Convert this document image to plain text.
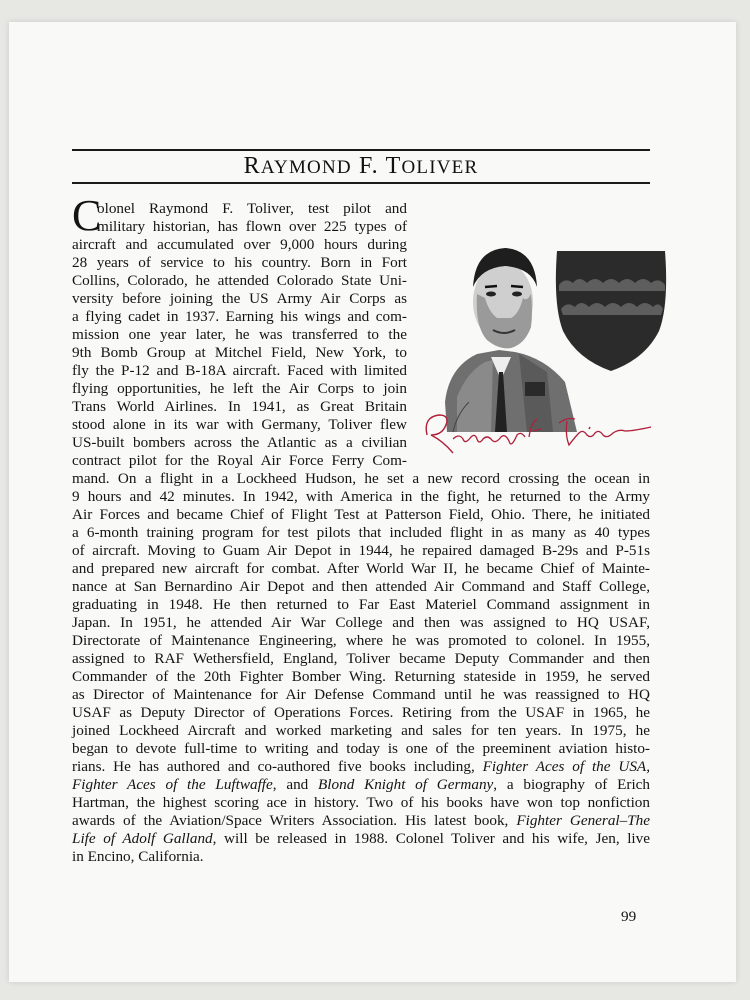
RAYMOND F. TOLIVER
C

olonel Raymond F. Toliver, test pilot and

military historian, has flown over 225 types of

aircraft and accumulated over 9,000 hours during

28 years of service to his country. Born in Fort

Collins, Colorado, he attended Colorado State Uni-

versity before joining the US Army Air Corps as

a flying cadet in 1937. Earning his wings and com-

mission one year later, he was transferred to the

9th Bomb Group at Mitchel Field, New York, to

fly the P-12 and B-18A aircraft. Faced with limited

flying opportunities, he left the Air Corps to join

Trans World Airlines. In 1941, as Great Britain

stood alone in its war with Germany, Toliver flew

US-built bombers across the Atlantic as a civilian

contract pilot for the Royal Air Force Ferry Com-

mand. On a flight in a Lockheed Hudson, he set a new record crossing the ocean in

9 hours and 42 minutes. In 1942, with America in the fight, he returned to the Army

Air Forces and became Chief of Flight Test at Patterson Field, Ohio. There, he initiated

a 6-month training program for test pilots that included flight in as many as 40 types

of aircraft. Moving to Guam Air Depot in 1944, he repaired damaged B-29s and P-51s

and prepared new aircraft for combat. After World War II, he became Chief of Mainte-

nance at San Bernardino Air Depot and then attended Air Command and Staff College,

graduating in 1948. He then returned to Far East Materiel Command assignment in

Japan. In 1951, he attended Air War College and then was assigned to HQ USAF,

Directorate of Maintenance Engineering, where he was promoted to colonel. In 1955,

assigned to RAF Wethersfield, England, Toliver became Deputy Commander and then

Commander of the 20th Fighter Bomber Wing. Returning stateside in 1959, he served

as Director of Maintenance for Air Defense Command until he was reassigned to HQ

USAF as Deputy Director of Operations Forces. Retiring from the USAF in 1965, he

joined Lockheed Aircraft and worked marketing and sales for ten years. In 1975, he

began to devote full-time to writing and today is one of the preeminent aviation histo-

rians. He has authored and co-authored five books including, Fighter Aces of the USA,

Fighter Aces of the Luftwaffe, and Blond Knight of Germany, a biography of Erich

Hartman, the highest scoring ace in history. Two of his books have won top nonfiction

awards of the Aviation/Space Writers Association. His latest book, Fighter General–The

Life of Adolf Galland, will be released in 1988. Colonel Toliver and his wife, Jen, live

in Encino, California.

99
